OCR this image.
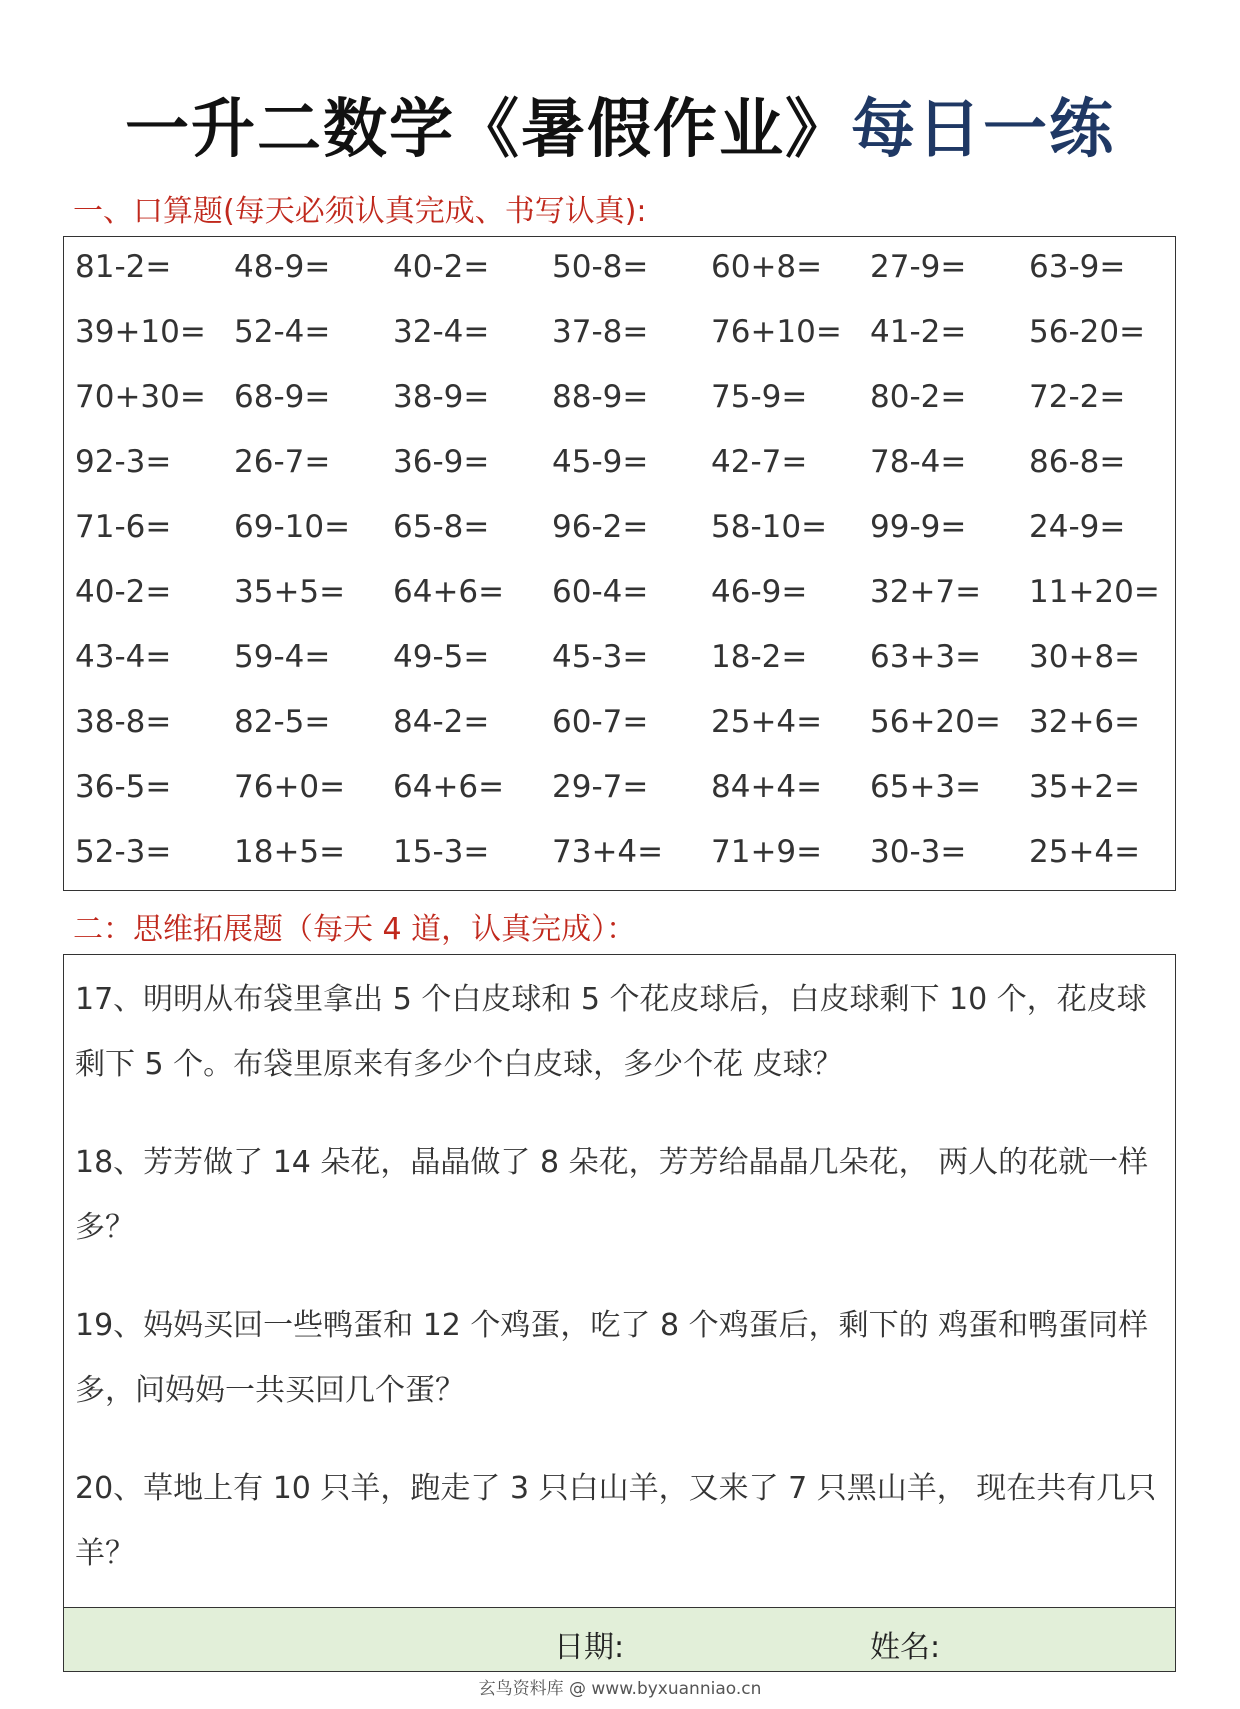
一升二数学《暑假作业》每日一练
一、口算题(每天必须认真完成、书写认真):
81-2= 48-9= 40-2= 50-8= 60+8= 27-9= 63-9=
39+10= 52-4= 32-4= 37-8= 76+10= 41-2= 56-20=
70+30= 68-9= 38-9= 88-9= 75-9= 80-2= 72-2=
92-3= 26-7= 36-9= 45-9= 42-7= 78-4= 86-8=
71-6= 69-10= 65-8= 96-2= 58-10= 99-9= 24-9=
40-2= 35+5= 64+6= 60-4= 46-9= 32+7= 11+20=
43-4= 59-4= 49-5= 45-3= 18-2= 63+3= 30+8=
38-8= 82-5= 84-2= 60-7= 25+4= 56+20= 32+6=
36-5= 76+0= 64+6= 29-7= 84+4= 65+3= 35+2=
52-3= 18+5= 15-3= 73+4= 71+9= 30-3= 25+4=
二：思维拓展题（每天 4 道，认真完成）：
17、明明从布袋里拿出 5 个白皮球和 5 个花皮球后，白皮球剩下 10 个，花皮球剩下 5 个。布袋里原来有多少个白皮球，多少个花 皮球？
18、芳芳做了 14 朵花，晶晶做了 8 朵花，芳芳给晶晶几朵花， 两人的花就一样多？
19、妈妈买回一些鸭蛋和 12 个鸡蛋，吃了 8 个鸡蛋后，剩下的 鸡蛋和鸭蛋同样多，问妈妈一共买回几个蛋？
20、草地上有 10 只羊，跑走了 3 只白山羊，又来了 7 只黑山羊， 现在共有几只羊？
日期:	姓名:
玄鸟资料库 @ www.byxuanniao.cn
